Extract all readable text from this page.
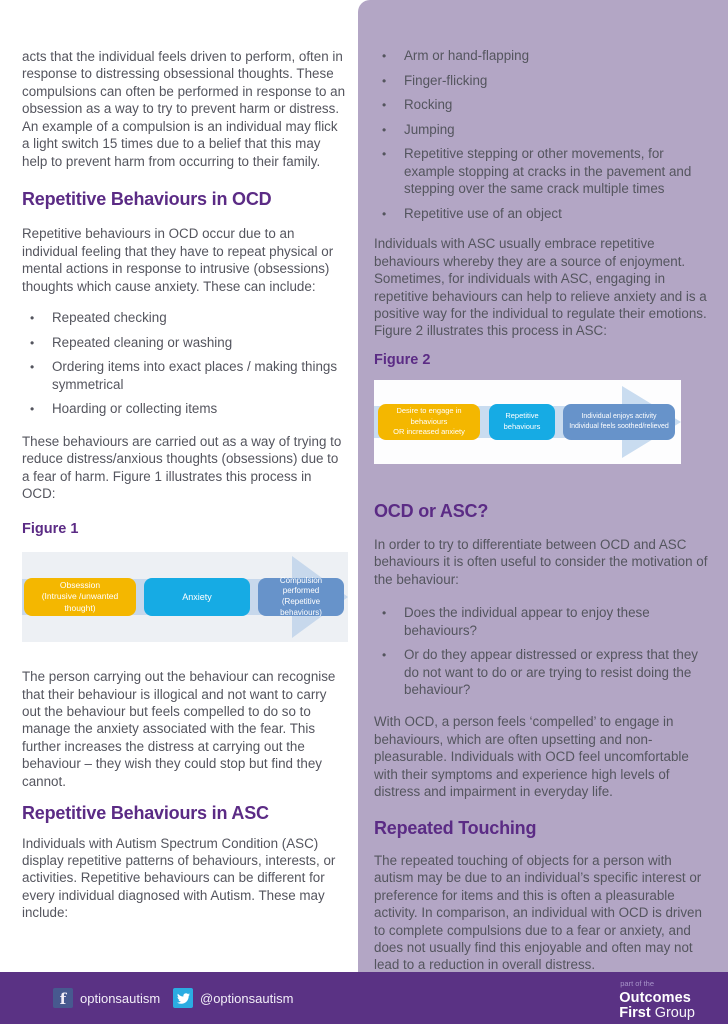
acts that the individual feels driven to perform, often in response to distressing obsessional thoughts. These compulsions can often be performed in response to an obsession as a way to try to prevent harm or distress. An example of a compulsion is an individual may flick a light switch 15 times due to a belief that this may help to prevent harm from occurring to their family.

Repetitive Behaviours in OCD

Repetitive behaviours in OCD occur due to an individual feeling that they have to repeat physical or mental actions in response to intrusive (obsessions) thoughts which cause anxiety. These can include:

•
Repeated checking
•
Repeated cleaning or washing
•
Ordering items into exact places / making things symmetrical
•
Hoarding or collecting items

These behaviours are carried out as a way of trying to reduce distress/anxious thoughts (obsessions) due to a fear of harm. Figure 1 illustrates this process in OCD:

Figure 1
Obsession
(Intrusive /unwanted thought)
Anxiety
Compulsion performed
(Repetitive behaviours)

The person carrying out the behaviour can recognise that their behaviour is illogical and not want to carry out the behaviour but feels compelled to do so to manage the anxiety associated with the fear. This further increases the distress at carrying out the behaviour – they wish they could stop but find they cannot.

Repetitive Behaviours in ASC

Individuals with Autism Spectrum Condition (ASC) display repetitive patterns of behaviours, interests, or activities. Repetitive behaviours can be different for every individual diagnosed with Autism. These may include:

•
Arm or hand-flapping
•
Finger-flicking
•
Rocking
•
Jumping
•
Repetitive stepping or other movements, for example stopping at cracks in the pavement and stepping over the same crack multiple times
•
Repetitive use of an object

Individuals with ASC usually embrace repetitive behaviours whereby they are a source of enjoyment. Sometimes, for individuals with ASC, engaging in repetitive behaviours can help to relieve anxiety and is a positive way for the individual to regulate their emotions. Figure 2 illustrates this process in ASC:

Figure 2
Desire to engage in behaviours
OR increased anxiety
Repetitive
behaviours
Individual enjoys activity
Individual feels soothed/relieved
OCD or ASC?

In order to try to differentiate between OCD and ASC behaviours it is often useful to consider the motivation of the behaviour:

•
Does the individual appear to enjoy these behaviours?
•
Or do they appear distressed or express that they do not want to do or are trying to resist doing the behaviour?

With OCD, a person feels ‘compelled’ to engage in behaviours, which are often upsetting and non-pleasurable. Individuals with OCD feel uncomfortable with their symptoms and experience high levels of distress and impairment in everyday life.

Repeated Touching

The repeated touching of objects for a person with autism may be due to an individual’s specific interest or preference for items and this is often a pleasurable activity. In comparison, an individual with OCD is driven to complete compulsions due to a fear or anxiety, and does not usually find this enjoyable and often may not lead to a reduction in overall distress.

f	optionsautism	@optionsautism
part of the
Outcomes
First Group
